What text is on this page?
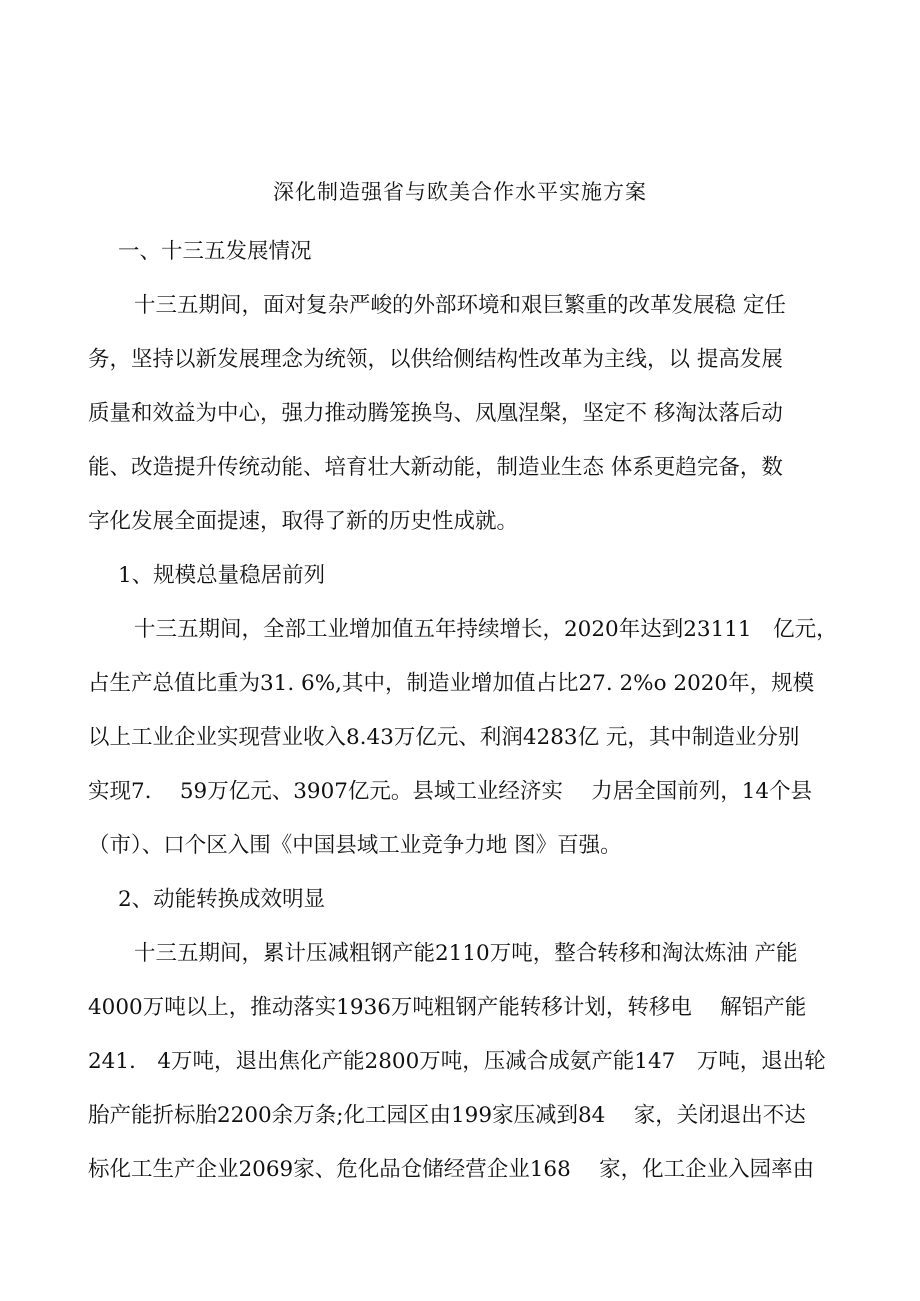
深化制造强省与欧美合作水平实施方案

一、十三五发展情况

十三五期间，面对复杂严峻的外部环境和艰巨繁重的改革发展稳 定任
务，坚持以新发展理念为统领，以供给侧结构性改革为主线，以 提高发展
质量和效益为中心，强力推动腾笼换鸟、凤凰涅槃，坚定不 移淘汰落后动
能、改造提升传统动能、培育壮大新动能，制造业生态 体系更趋完备，数
字化发展全面提速，取得了新的历史性成就。

1、规模总量稳居前列

十三五期间，全部工业增加值五年持续增长，2020年达到23111　亿元，
占生产总值比重为31. 6%,其中，制造业增加值占比27. 2%o 2020年，规模
以上工业企业实现营业收入8.43万亿元、利润4283亿 元，其中制造业分别
实现7.　 59万亿元、3907亿元。县域工业经济实　 力居全国前列，14个县
（市）、口个区入围《中国县域工业竞争力地 图》百强。

2、动能转换成效明显

十三五期间，累计压减粗钢产能2110万吨，整合转移和淘汰炼油 产能
4000万吨以上，推动落实1936万吨粗钢产能转移计划，转移电　 解铝产能
241.　4万吨，退出焦化产能2800万吨，压减合成氨产能147　万吨，退出轮
胎产能折标胎2200余万条;化工园区由199家压减到84　 家，关闭退出不达
标化工生产企业2069家、危化品仓储经营企业168　 家，化工企业入园率由
